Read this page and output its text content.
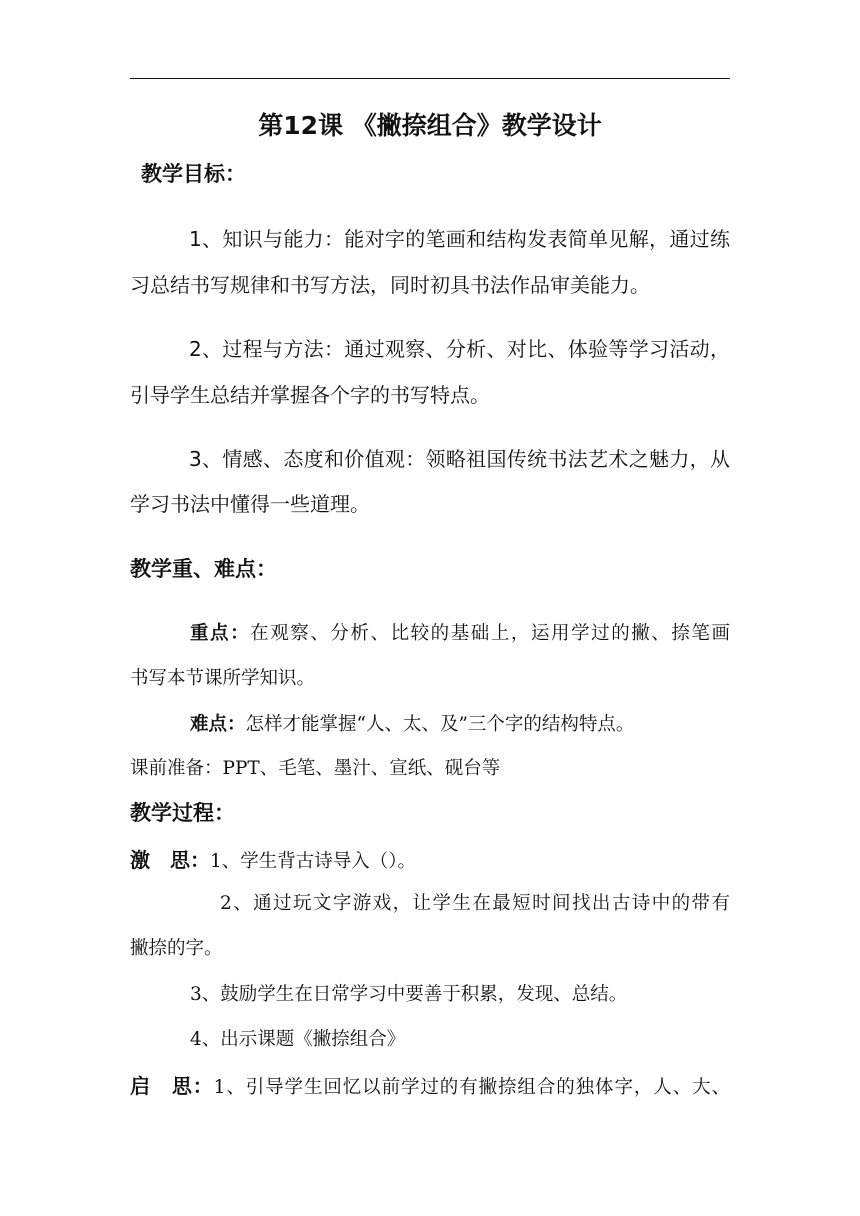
第12课 《撇捺组合》教学设计
教学目标：
1、知识与能力：能对字的笔画和结构发表简单见解，通过练
习总结书写规律和书写方法，同时初具书法作品审美能力。
2、过程与方法：通过观察、分析、对比、体验等学习活动，
引导学生总结并掌握各个字的书写特点。
3、情感、态度和价值观：领略祖国传统书法艺术之魅力，从
学习书法中懂得一些道理。
教学重、难点：
重点：在观察、分析、比较的基础上，运用学过的撇、捺笔画
书写本节课所学知识。
难点：怎样才能掌握“人、太、及”三个字的结构特点。
课前准备：PPT、毛笔、墨汁、宣纸、砚台等
教学过程：
激　思：1、学生背古诗导入（）。
2、通过玩文字游戏，让学生在最短时间找出古诗中的带有
撇捺的字。
3、鼓励学生在日常学习中要善于积累，发现、总结。
4、出示课题《撇捺组合》
启　思：1、引导学生回忆以前学过的有撇捺组合的独体字，人、大、
